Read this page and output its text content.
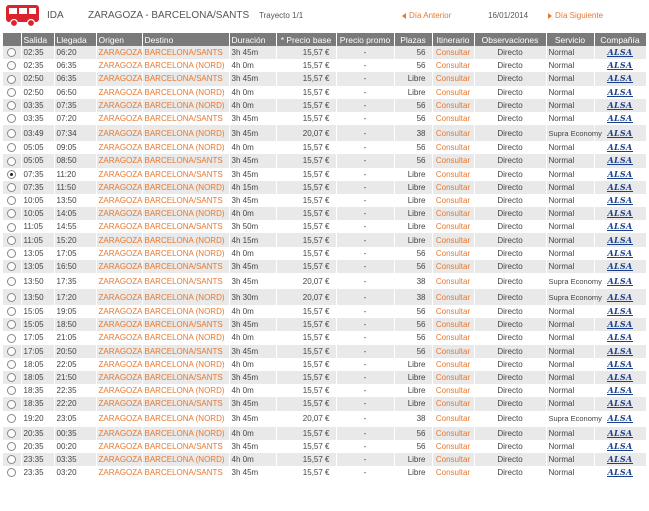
IDA ZARAGOZA - BARCELONA/SANTS Trayecto 1/1	Día Anterior	16/01/2014	Día Siguiente
	Salida	Llegada	Origen	Destino	Duración	* Precio base	Precio promo	Plazas	Itinerario	Observaciones	Servicio	Compañía
	02:35	06:20	ZARAGOZA	BARCELONA/SANTS	3h 45m	15,57 €	-	56	Consultar	Directo	Normal	ALSA
	02:35	06:35	ZARAGOZA	BARCELONA (NORD)	4h 0m	15,57 €	-	56	Consultar	Directo	Normal	ALSA
	02:50	06:35	ZARAGOZA	BARCELONA/SANTS	3h 45m	15,57 €	-	Libre	Consultar	Directo	Normal	ALSA
	02:50	06:50	ZARAGOZA	BARCELONA (NORD)	4h 0m	15,57 €	-	Libre	Consultar	Directo	Normal	ALSA
	03:35	07:35	ZARAGOZA	BARCELONA (NORD)	4h 0m	15,57 €	-	56	Consultar	Directo	Normal	ALSA
	03:35	07:20	ZARAGOZA	BARCELONA/SANTS	3h 45m	15,57 €	-	56	Consultar	Directo	Normal	ALSA
	03:49	07:34	ZARAGOZA	BARCELONA (NORD)	3h 45m	20,07 €	-	38	Consultar	Directo	Supra Economy	ALSA
	05:05	09:05	ZARAGOZA	BARCELONA (NORD)	4h 0m	15,57 €	-	56	Consultar	Directo	Normal	ALSA
	05:05	08:50	ZARAGOZA	BARCELONA/SANTS	3h 45m	15,57 €	-	56	Consultar	Directo	Normal	ALSA
	07:35	11:20	ZARAGOZA	BARCELONA/SANTS	3h 45m	15,57 €	-	Libre	Consultar	Directo	Normal	ALSA
	07:35	11:50	ZARAGOZA	BARCELONA (NORD)	4h 15m	15,57 €	-	Libre	Consultar	Directo	Normal	ALSA
	10:05	13:50	ZARAGOZA	BARCELONA/SANTS	3h 45m	15,57 €	-	Libre	Consultar	Directo	Normal	ALSA
	10:05	14:05	ZARAGOZA	BARCELONA (NORD)	4h 0m	15,57 €	-	Libre	Consultar	Directo	Normal	ALSA
	11:05	14:55	ZARAGOZA	BARCELONA/SANTS	3h 50m	15,57 €	-	Libre	Consultar	Directo	Normal	ALSA
	11:05	15:20	ZARAGOZA	BARCELONA (NORD)	4h 15m	15,57 €	-	Libre	Consultar	Directo	Normal	ALSA
	13:05	17:05	ZARAGOZA	BARCELONA (NORD)	4h 0m	15,57 €	-	56	Consultar	Directo	Normal	ALSA
	13:05	16:50	ZARAGOZA	BARCELONA/SANTS	3h 45m	15,57 €	-	56	Consultar	Directo	Normal	ALSA
	13:50	17:35	ZARAGOZA	BARCELONA/SANTS	3h 45m	20,07 €	-	38	Consultar	Directo	Supra Economy	ALSA
	13:50	17:20	ZARAGOZA	BARCELONA (NORD)	3h 30m	20,07 €	-	38	Consultar	Directo	Supra Economy	ALSA
	15:05	19:05	ZARAGOZA	BARCELONA (NORD)	4h 0m	15,57 €	-	56	Consultar	Directo	Normal	ALSA
	15:05	18:50	ZARAGOZA	BARCELONA/SANTS	3h 45m	15,57 €	-	56	Consultar	Directo	Normal	ALSA
	17:05	21:05	ZARAGOZA	BARCELONA (NORD)	4h 0m	15,57 €	-	56	Consultar	Directo	Normal	ALSA
	17:05	20:50	ZARAGOZA	BARCELONA/SANTS	3h 45m	15,57 €	-	56	Consultar	Directo	Normal	ALSA
	18:05	22:05	ZARAGOZA	BARCELONA (NORD)	4h 0m	15,57 €	-	Libre	Consultar	Directo	Normal	ALSA
	18:05	21:50	ZARAGOZA	BARCELONA/SANTS	3h 45m	15,57 €	-	Libre	Consultar	Directo	Normal	ALSA
	18:35	22:35	ZARAGOZA	BARCELONA (NORD)	4h 0m	15,57 €	-	Libre	Consultar	Directo	Normal	ALSA
	18:35	22:20	ZARAGOZA	BARCELONA/SANTS	3h 45m	15,57 €	-	Libre	Consultar	Directo	Normal	ALSA
	19:20	23:05	ZARAGOZA	BARCELONA (NORD)	3h 45m	20,07 €	-	38	Consultar	Directo	Supra Economy	ALSA
	20:35	00:35	ZARAGOZA	BARCELONA (NORD)	4h 0m	15,57 €	-	56	Consultar	Directo	Normal	ALSA
	20:35	00:20	ZARAGOZA	BARCELONA/SANTS	3h 45m	15,57 €	-	56	Consultar	Directo	Normal	ALSA
	23:35	03:35	ZARAGOZA	BARCELONA (NORD)	4h 0m	15,57 €	-	Libre	Consultar	Directo	Normal	ALSA
	23:35	03:20	ZARAGOZA	BARCELONA/SANTS	3h 45m	15,57 €	-	Libre	Consultar	Directo	Normal	ALSA
